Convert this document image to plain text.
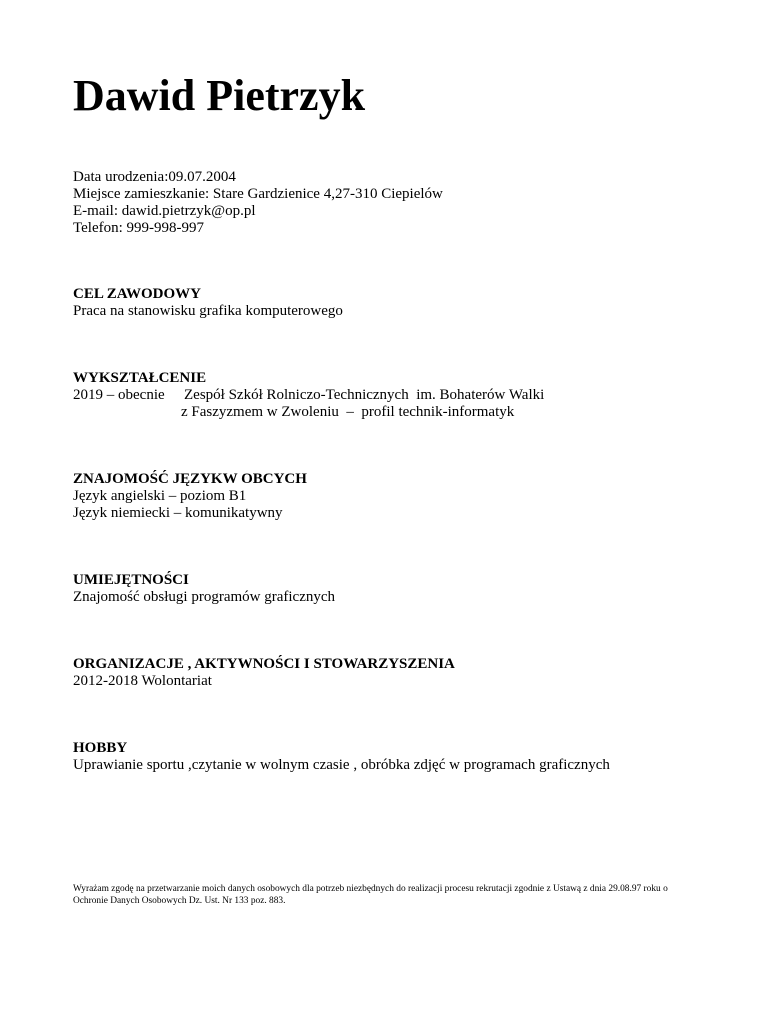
Dawid Pietrzyk
Data urodzenia:09.07.2004
Miejsce zamieszkanie: Stare Gardzienice 4,27-310 Ciepielów
E-mail: dawid.pietrzyk@op.pl
Telefon: 999-998-997
CEL ZAWODOWY
Praca na stanowisku grafika komputerowego
WYKSZTAŁCENIE
2019 – obecnie	Zespół Szkół Rolniczo-Technicznych  im. Bohaterów Walki
z Faszyzmem w Zwoleniu  –  profil technik-informatyk
ZNAJOMOŚĆ JĘZYKW OBCYCH
Język angielski – poziom B1
Język niemiecki – komunikatywny
UMIEJĘTNOŚCI
Znajomość obsługi programów graficznych
ORGANIZACJE , AKTYWNOŚCI I STOWARZYSZENIA
2012-2018 Wolontariat
HOBBY
Uprawianie sportu ,czytanie w wolnym czasie , obróbka zdjęć w programach graficznych
Wyrażam zgodę na przetwarzanie moich danych osobowych dla potrzeb niezbędnych do realizacji procesu rekrutacji zgodnie z Ustawą z dnia 29.08.97 roku o Ochronie Danych Osobowych Dz. Ust. Nr 133 poz. 883.
